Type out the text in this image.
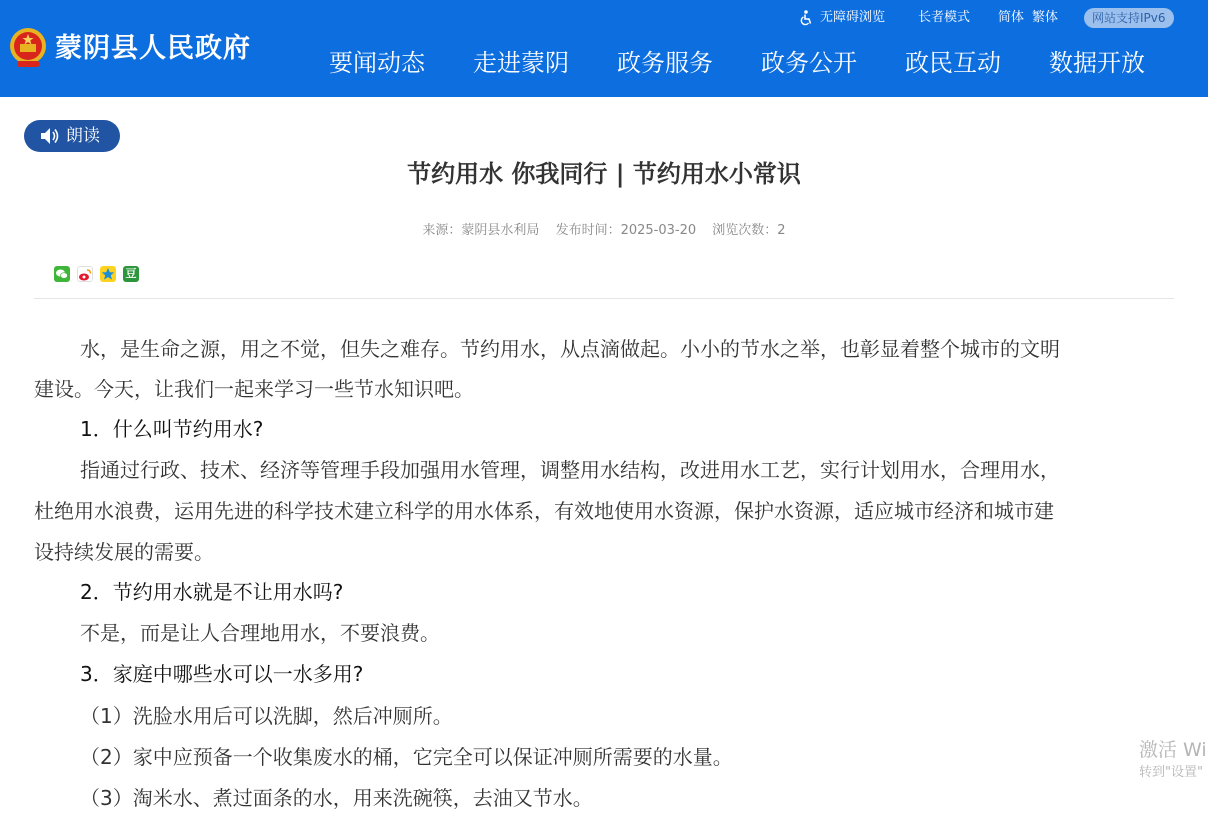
蒙阴县人民政府
无障碍浏览	长者模式 简体 繁体	网站支持IPv6
要闻动态 走进蒙阴 政务服务 政务公开 政民互动 数据开放
朗读
节约用水 你我同行 | 节约用水小常识
来源：蒙阴县水利局 发布时间：2025-03-20 浏览次数：2
豆
水，是生命之源，用之不觉，但失之难存。节约用水，从点滴做起。小小的节水之举，也彰显着整个城市的文明
建设。今天，让我们一起来学习一些节水知识吧。
1．什么叫节约用水?
指通过行政、技术、经济等管理手段加强用水管理，调整用水结构，改进用水工艺，实行计划用水，合理用水，
杜绝用水浪费，运用先进的科学技术建立科学的用水体系，有效地使用水资源，保护水资源，适应城市经济和城市建
设持续发展的需要。
2．节约用水就是不让用水吗?
不是，而是让人合理地用水，不要浪费。
3．家庭中哪些水可以一水多用?
（1）洗脸水用后可以洗脚，然后冲厕所。
（2）家中应预备一个收集废水的桶，它完全可以保证冲厕所需要的水量。
（3）淘米水、煮过面条的水，用来洗碗筷，去油又节水。
激活 Wi
转到"设置"
